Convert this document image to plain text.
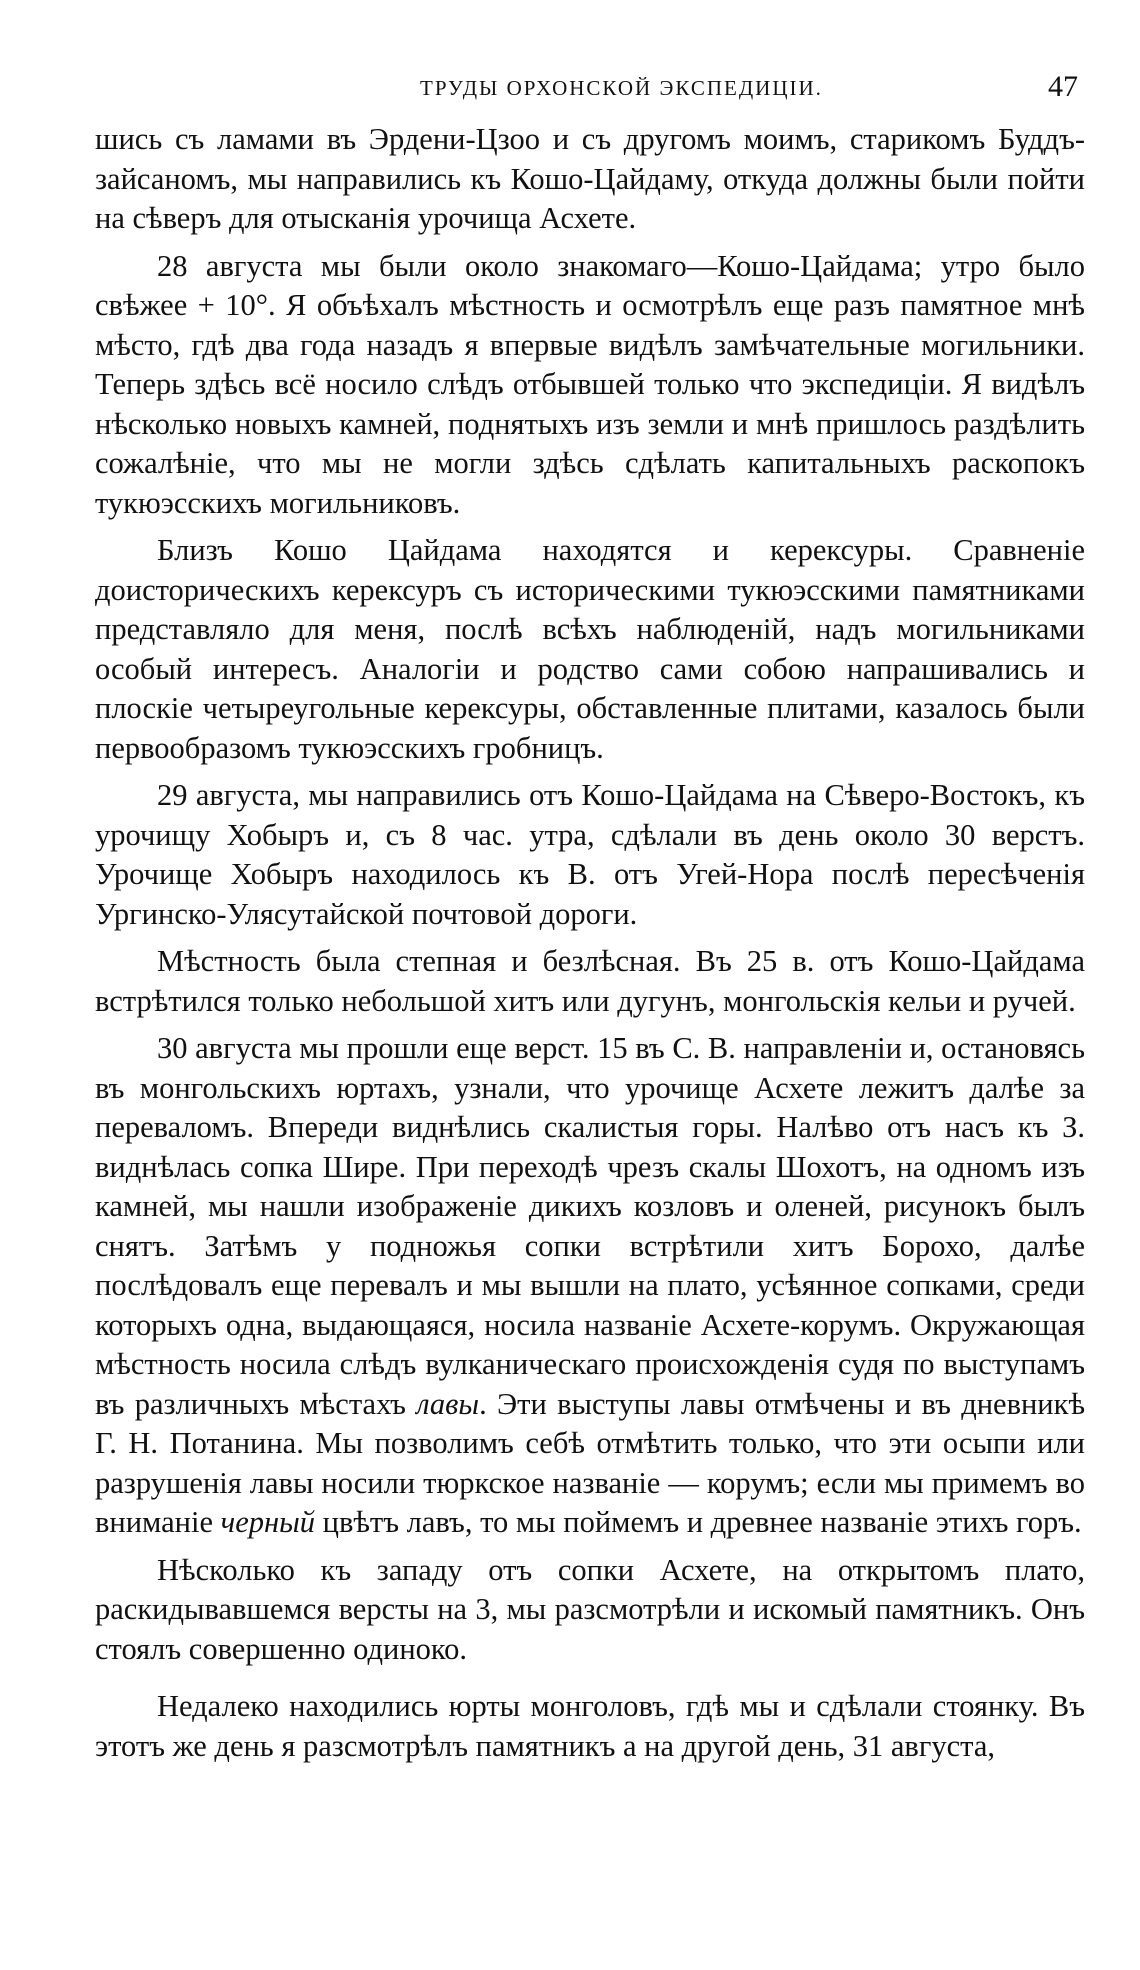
ТРУДЫ ОРХОНСКОЙ ЭКСПЕДИЦІИ.	47

шись съ ламами въ Эрдени-Цзоо и съ другомъ моимъ, старикомъ Буддъ-зайсаномъ, мы направились къ Кошо-Цайдаму, откуда должны были пойти на сѣверъ для отысканія урочища Асхете.

28 августа мы были около знакомаго—Кошо-Цайдама; утро было свѣжее + 10°. Я объѣхалъ мѣстность и осмотрѣлъ еще разъ памятное мнѣ мѣсто, гдѣ два года назадъ я впервые видѣлъ замѣчательные могильники. Теперь здѣсь всё носило слѣдъ отбывшей только что экспедиціи. Я видѣлъ нѣсколько новыхъ камней, поднятыхъ изъ земли и мнѣ пришлось раздѣлить сожалѣніе, что мы не могли здѣсь сдѣлать капитальныхъ раскопокъ тукюэсскихъ могильниковъ.

Близъ Кошо Цайдама находятся и керексуры. Сравненіе доисторическихъ керексуръ съ историческими тукюэсскими памятниками представляло для меня, послѣ всѣхъ наблюденій, надъ могильниками особый интересъ. Аналогіи и родство сами собою напрашивались и плоскіе четыреугольные керексуры, обставленные плитами, казалось были первообразомъ тукюэсскихъ гробницъ.

29 августа, мы направились отъ Кошо-Цайдама на Сѣверо-Востокъ, къ урочищу Хобыръ и, съ 8 час. утра, сдѣлали въ день около 30 верстъ. Урочище Хобыръ находилось къ В. отъ Угей-Нора послѣ пересѣченія Ургинско-Улясутайской почтовой дороги.

Мѣстность была степная и безлѣсная. Въ 25 в. отъ Кошо-Цайдама встрѣтился только небольшой хитъ или дугунъ, монгольскія кельи и ручей.

30 августа мы прошли еще верст. 15 въ С. В. направленіи и, остановясь въ монгольскихъ юртахъ, узнали, что урочище Асхете лежитъ далѣе за переваломъ. Впереди виднѣлись скалистыя горы. Налѣво отъ насъ къ З. виднѣлась сопка Шире. При переходѣ чрезъ скалы Шохотъ, на одномъ изъ камней, мы нашли изображеніе дикихъ козловъ и оленей, рисунокъ былъ снятъ. Затѣмъ у подножья сопки встрѣтили хитъ Борохо, далѣе послѣдовалъ еще перевалъ и мы вышли на плато, усѣянное сопками, среди которыхъ одна, выдающаяся, носила названіе Асхете-корумъ. Окружающая мѣстность носила слѣдъ вулканическаго происхожденія судя по выступамъ въ различныхъ мѣстахъ лавы. Эти выступы лавы отмѣчены и въ дневникѣ Г. Н. Потанина. Мы позволимъ себѣ отмѣтить только, что эти осыпи или разрушенія лавы носили тюркское названіе — корумъ; если мы примемъ во вниманіе черный цвѣтъ лавъ, то мы поймемъ и древнее названіе этихъ горъ.

Нѣсколько къ западу отъ сопки Асхете, на открытомъ плато, раскидывавшемся версты на 3, мы разсмотрѣли и искомый памятникъ. Онъ стоялъ совершенно одиноко.

Недалеко находились юрты монголовъ, гдѣ мы и сдѣлали стоянку. Въ этотъ же день я разсмотрѣлъ памятникъ а на другой день, 31 августа,
